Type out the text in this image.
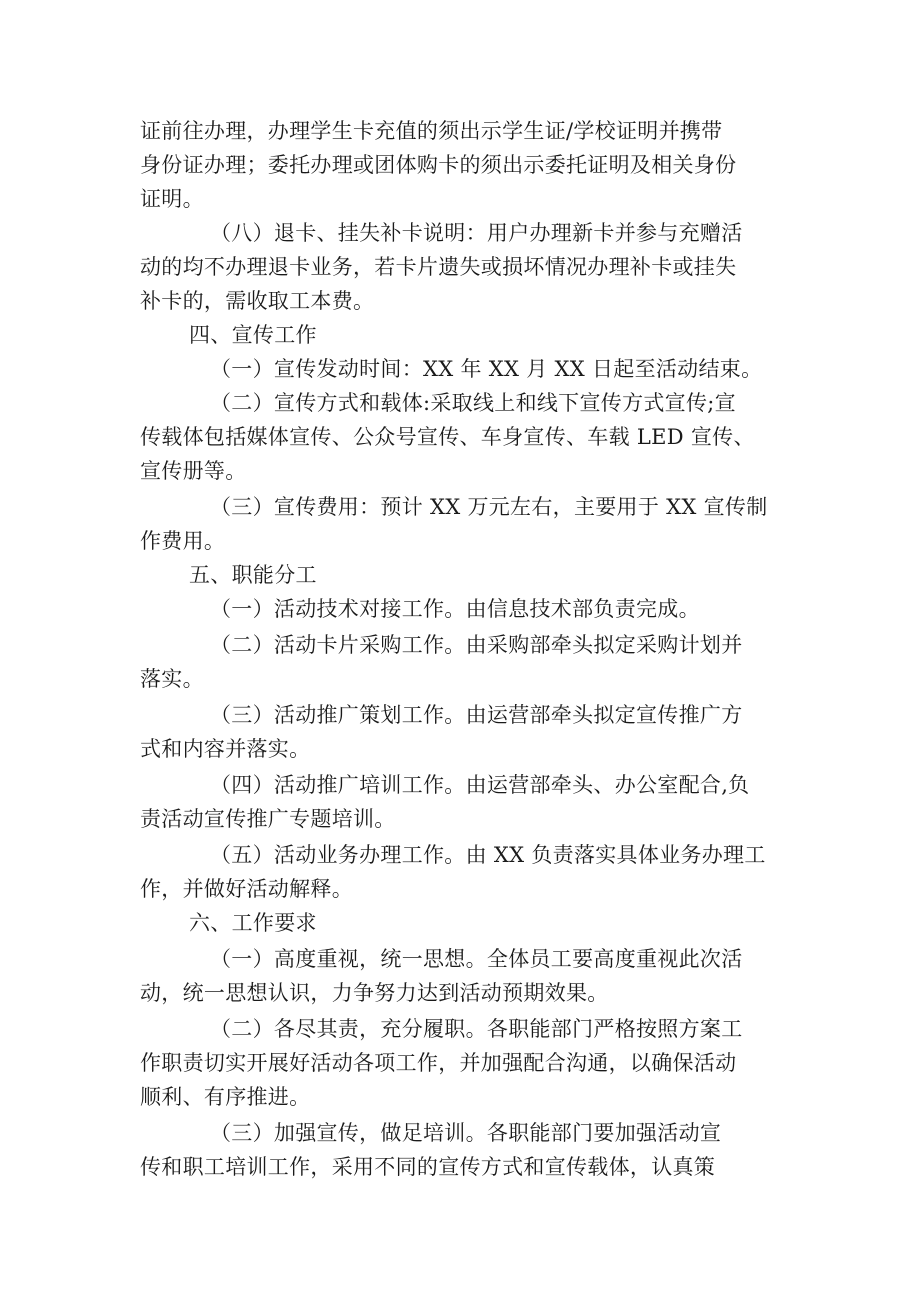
证前往办理，办理学生卡充值的须出示学生证/学校证明并携带
身份证办理；委托办理或团体购卡的须出示委托证明及相关身份
证明。
（八）退卡、挂失补卡说明：用户办理新卡并参与充赠活
动的均不办理退卡业务，若卡片遗失或损坏情况办理补卡或挂失
补卡的，需收取工本费。
四、宣传工作
（一）宣传发动时间：XX 年 XX 月 XX 日起至活动结束。
（二）宣传方式和载体:采取线上和线下宣传方式宣传;宣
传载体包括媒体宣传、公众号宣传、车身宣传、车载 LED 宣传、
宣传册等。
（三）宣传费用：预计 XX 万元左右，主要用于 XX 宣传制
作费用。
五、职能分工
（一）活动技术对接工作。由信息技术部负责完成。
（二）活动卡片采购工作。由采购部牵头拟定采购计划并
落实。
（三）活动推广策划工作。由运营部牵头拟定宣传推广方
式和内容并落实。
（四）活动推广培训工作。由运营部牵头、办公室配合,负
责活动宣传推广专题培训。
（五）活动业务办理工作。由 XX 负责落实具体业务办理工
作，并做好活动解释。
六、工作要求
（一）高度重视，统一思想。全体员工要高度重视此次活
动，统一思想认识，力争努力达到活动预期效果。
（二）各尽其责，充分履职。各职能部门严格按照方案工
作职责切实开展好活动各项工作，并加强配合沟通，以确保活动
顺利、有序推进。
（三）加强宣传，做足培训。各职能部门要加强活动宣
传和职工培训工作，采用不同的宣传方式和宣传载体，认真策
